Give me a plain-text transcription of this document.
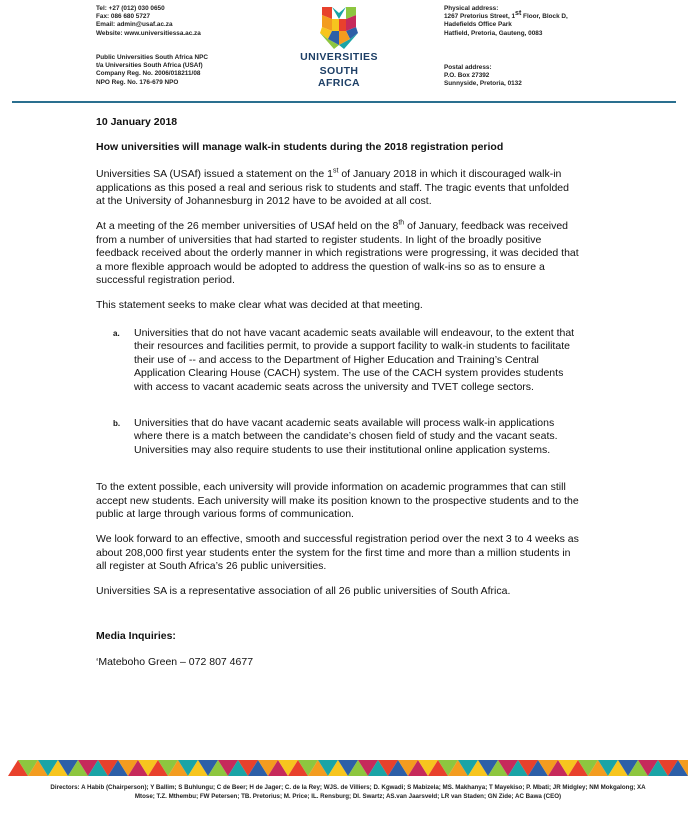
Tel: +27 (012) 030 0650
Fax: 086 680 5727
Email: admin@usaf.ac.za
Website: www.universitiessa.ac.za
Public Universities South Africa NPC
t/a Universities South Africa (USAf)
Company Reg. No. 2006/018211/08
NPO Reg. No. 176-679 NPO
UNIVERSITIES
SOUTH AFRICA
Physical address:
1267 Pretorius Street, 1st Floor, Block D,
Hadefields Office Park
Hatfield, Pretoria, Gauteng, 0083
Postal address:
P.O. Box 27392
Sunnyside, Pretoria, 0132

10 January 2018

How universities will manage walk-in students during the 2018 registration period

Universities SA (USAf) issued a statement on the 1st of January 2018 in which it discouraged walk-in applications as this posed a real and serious risk to students and staff. The tragic events that unfolded at the University of Johannesburg in 2012 have to be avoided at all cost.

At a meeting of the 26 member universities of USAf held on the 8th of January, feedback was received from a number of universities that had started to register students. In light of the broadly positive feedback received about the orderly manner in which registrations were progressing, it was decided that a more flexible approach would be adopted to address the question of walk-ins so as to ensure a successful registration period.

This statement seeks to make clear what was decided at that meeting.

a. Universities that do not have vacant academic seats available will endeavour, to the extent that their resources and facilities permit, to provide a support facility to walk-in students to facilitate their use of -- and access to the Department of Higher Education and Training’s Central Application Clearing House (CACH) system. The use of the CACH system provides students with access to vacant academic seats across the university and TVET college sectors.
b. Universities that do have vacant academic seats available will process walk-in applications where there is a match between the candidate’s chosen field of study and the vacant seats. Universities may also require students to use their institutional online application systems.

To the extent possible, each university will provide information on academic programmes that can still accept new students. Each university will make its position known to the prospective students and to the public at large through various forms of communication.

We look forward to an effective, smooth and successful registration period over the next 3 to 4 weeks as about 208,000 first year students enter the system for the first time and more than a million students in all register at South Africa’s 26 public universities.

Universities SA is a representative association of all 26 public universities of South Africa.

Media Inquiries:

‘Mateboho Green – 072 807 4677

Directors: A Habib (Chairperson); Y Ballim; S Buhlungu; C de Beer; H de Jager; C. de la Rey; WJS. de Villiers; D. Kgwadi; S Mabizela; MS. Makhanya; T Mayekiso; P. Mbati; JR Midgley; NM Mokgalong; XA Mtose; T.Z. Mthembu; FW Petersen; TB. Pretorius; M. Price; IL. Rensburg; DI. Swartz; AS.van Jaarsveld; LR van Staden; GN Zide; AC Bawa (CEO)
